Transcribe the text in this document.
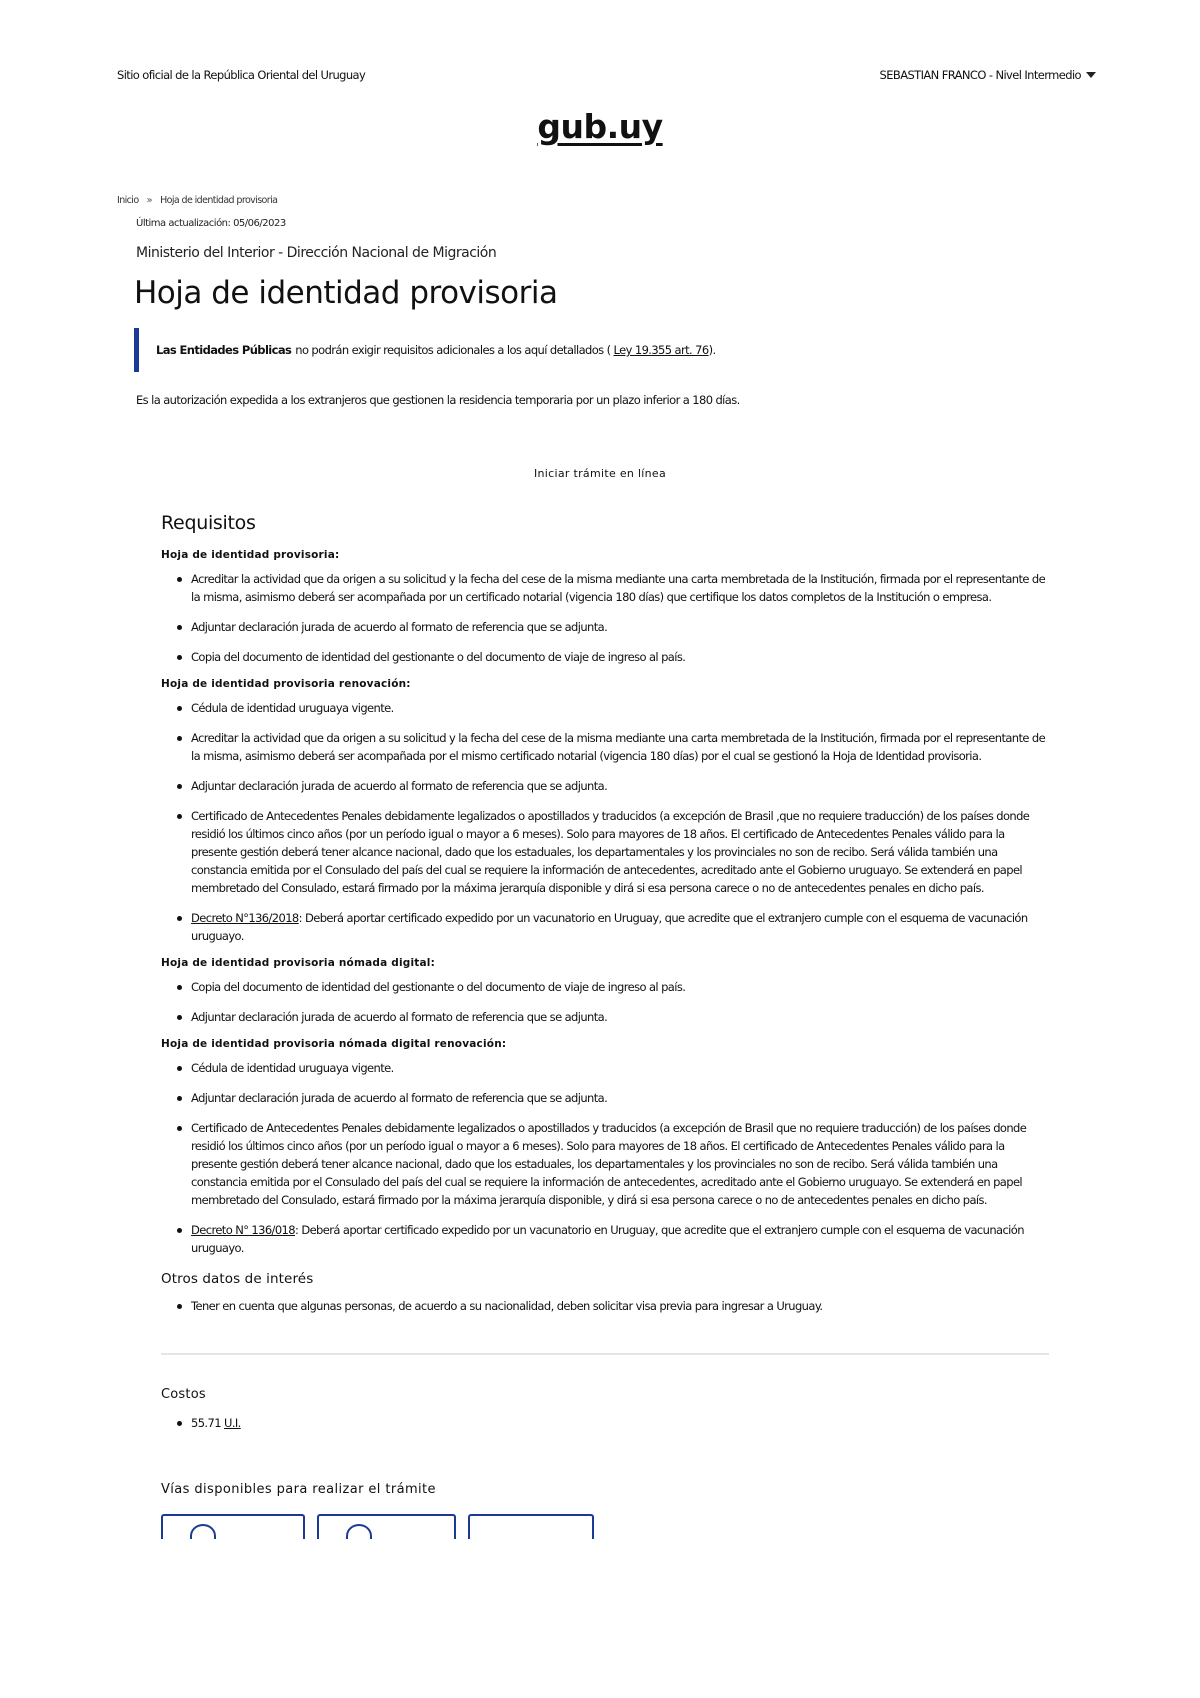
Sitio oficial de la República Oriental del Uruguay	SEBASTIAN FRANCO - Nivel Intermedio
gub.uy
Inicio » Hoja de identidad provisoria
Última actualización: 05/06/2023
Ministerio del Interior - Dirección Nacional de Migración
Hoja de identidad provisoria
Las Entidades Públicas no podrán exigir requisitos adicionales a los aquí detallados ( Ley 19.355 art. 76).
Es la autorización expedida a los extranjeros que gestionen la residencia temporaria por un plazo inferior a 180 días.
Iniciar trámite en línea
Requisitos
Hoja de identidad provisoria:
Acreditar la actividad que da origen a su solicitud y la fecha del cese de la misma mediante una carta membretada de la Institución, firmada por el representante de la misma, asimismo deberá ser acompañada por un certificado notarial (vigencia 180 días) que certifique los datos completos de la Institución o empresa.
Adjuntar declaración jurada de acuerdo al formato de referencia que se adjunta.
Copia del documento de identidad del gestionante o del documento de viaje de ingreso al país.
Hoja de identidad provisoria renovación:
Cédula de identidad uruguaya vigente.
Acreditar la actividad que da origen a su solicitud y la fecha del cese de la misma mediante una carta membretada de la Institución, firmada por el representante de la misma, asimismo deberá ser acompañada por el mismo certificado notarial (vigencia 180 días) por el cual se gestionó la Hoja de Identidad provisoria.
Adjuntar declaración jurada de acuerdo al formato de referencia que se adjunta.
Certificado de Antecedentes Penales debidamente legalizados o apostillados y traducidos (a excepción de Brasil ,que no requiere traducción) de los países donde residió los últimos cinco años (por un período igual o mayor a 6 meses). Solo para mayores de 18 años. El certificado de Antecedentes Penales válido para la presente gestión deberá tener alcance nacional, dado que los estaduales, los departamentales y los provinciales no son de recibo. Será válida también una constancia emitida por el Consulado del país del cual se requiere la información de antecedentes, acreditado ante el Gobierno uruguayo. Se extenderá en papel membretado del Consulado, estará firmado por la máxima jerarquía disponible y dirá si esa persona carece o no de antecedentes penales en dicho país.
Decreto N°136/2018: Deberá aportar certificado expedido por un vacunatorio en Uruguay, que acredite que el extranjero cumple con el esquema de vacunación uruguayo.
Hoja de identidad provisoria nómada digital:
Copia del documento de identidad del gestionante o del documento de viaje de ingreso al país.
Adjuntar declaración jurada de acuerdo al formato de referencia que se adjunta.
Hoja de identidad provisoria nómada digital renovación:
Cédula de identidad uruguaya vigente.
Adjuntar declaración jurada de acuerdo al formato de referencia que se adjunta.
Certificado de Antecedentes Penales debidamente legalizados o apostillados y traducidos (a excepción de Brasil que no requiere traducción) de los países donde residió los últimos cinco años (por un período igual o mayor a 6 meses). Solo para mayores de 18 años. El certificado de Antecedentes Penales válido para la presente gestión deberá tener alcance nacional, dado que los estaduales, los departamentales y los provinciales no son de recibo. Será válida también una constancia emitida por el Consulado del país del cual se requiere la información de antecedentes, acreditado ante el Gobierno uruguayo. Se extenderá en papel membretado del Consulado, estará firmado por la máxima jerarquía disponible, y dirá si esa persona carece o no de antecedentes penales en dicho país.
Decreto N° 136/018: Deberá aportar certificado expedido por un vacunatorio en Uruguay, que acredite que el extranjero cumple con el esquema de vacunación uruguayo.
Otros datos de interés
Tener en cuenta que algunas personas, de acuerdo a su nacionalidad, deben solicitar visa previa para ingresar a Uruguay.
Costos
55.71 U.I.
Vías disponibles para realizar el trámite
